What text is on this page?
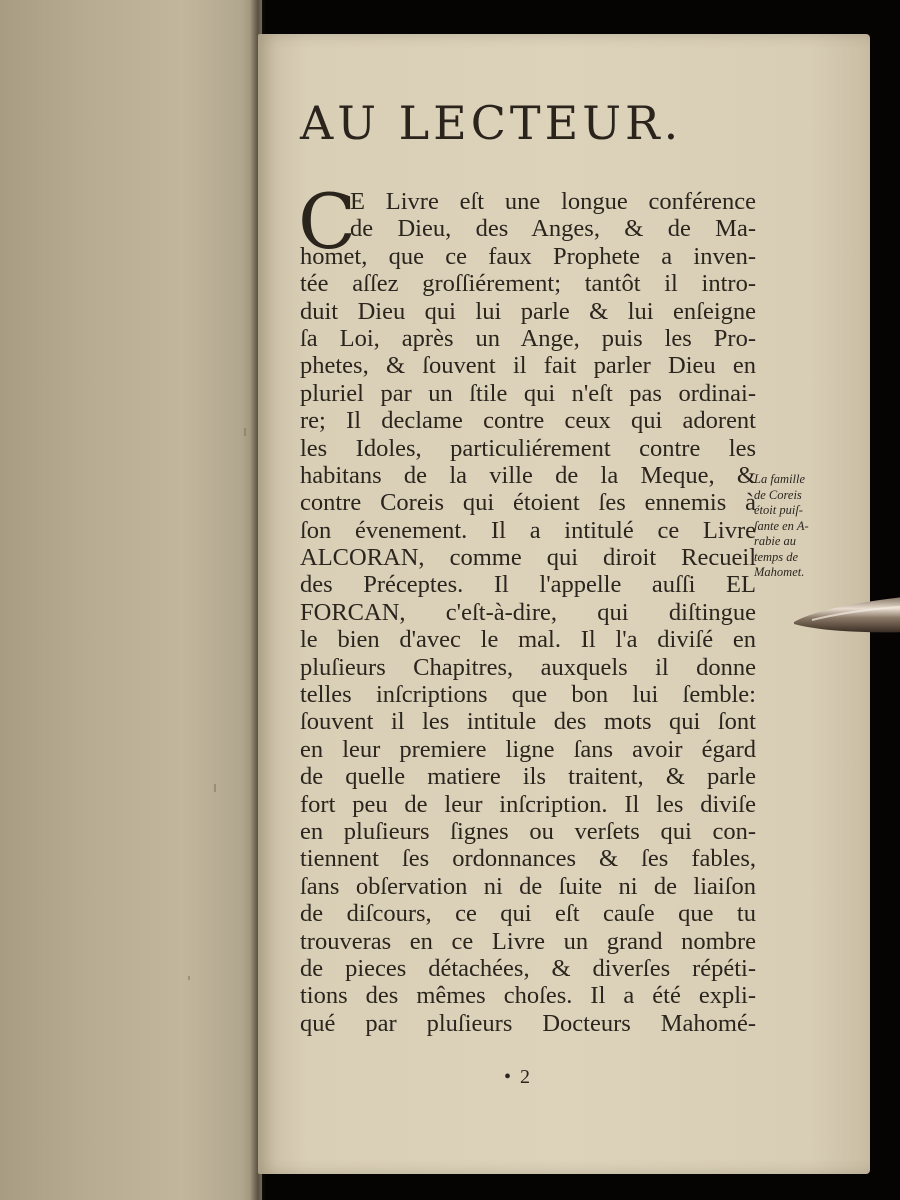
AU LECTEUR.
C
E Livre eſt une longue conférence
de Dieu, des Anges, & de Ma-
homet, que ce faux Prophete a inven-
tée aſſez groſſiérement; tantôt il intro-
duit Dieu qui lui parle & lui enſeigne
ſa Loi, après un Ange, puis les Pro-
phetes, & ſouvent il fait parler Dieu en
pluriel par un ſtile qui n'eſt pas ordinai-
re; Il declame contre ceux qui adorent
les Idoles, particuliérement contre les
habitans de la ville de la Meque, &
contre Coreis qui étoient ſes ennemis à
ſon évenement. Il a intitulé ce Livre
ALCORAN, comme qui diroit Recueil
des Préceptes. Il l'appelle auſſi EL
FORCAN, c'eſt-à-dire, qui diſtingue
le bien d'avec le mal. Il l'a diviſé en
pluſieurs Chapitres, auxquels il donne
telles inſcriptions que bon lui ſemble:
ſouvent il les intitule des mots qui ſont
en leur premiere ligne ſans avoir égard
de quelle matiere ils traitent, & parle
fort peu de leur inſcription. Il les diviſe
en pluſieurs ſignes ou verſets qui con-
tiennent ſes ordonnances & ſes fables,
ſans obſervation ni de ſuite ni de liaiſon
de diſcours, ce qui eſt cauſe que tu
trouveras en ce Livre un grand nombre
de pieces détachées, & diverſes répéti-
tions des mêmes choſes. Il a été expli-
qué par pluſieurs Docteurs Mahomé-
La famille
de Coreis
étoit puiſ-
ſante en A-
rabie au
temps de
Mahomet.
• 2
